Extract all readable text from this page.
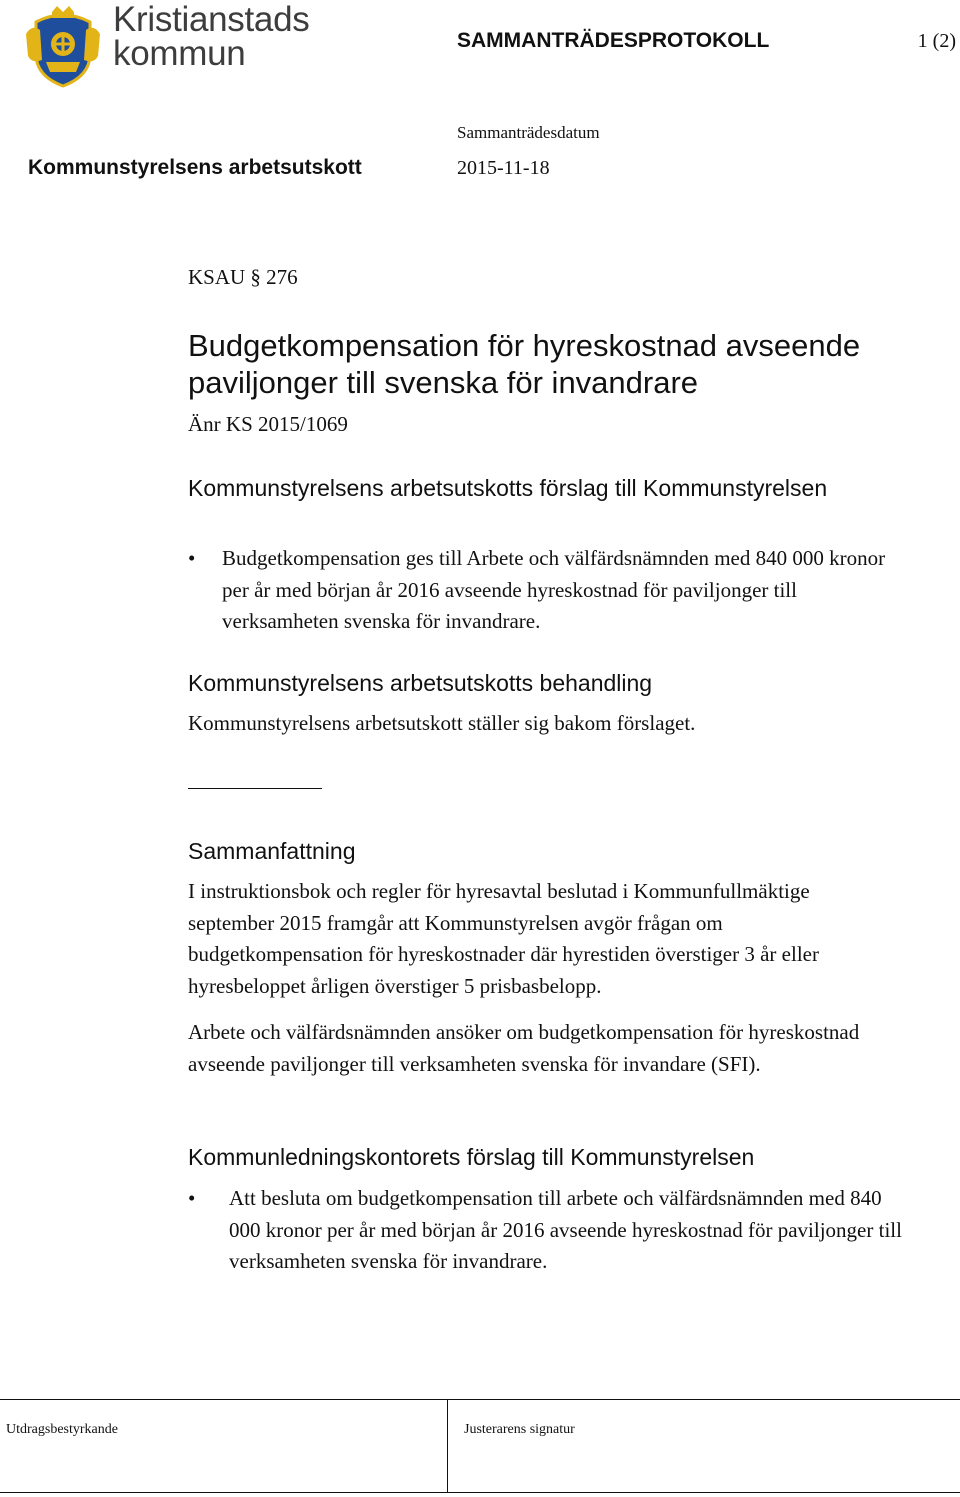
Kristianstads
kommun	SAMMANTRÄDESPROTOKOLL	1 (2)
Sammanträdesdatum
Kommunstyrelsens arbetsutskott	2015-11-18
KSAU § 276
Budgetkompensation för hyreskostnad avseende paviljonger till svenska för invandrare
Änr KS 2015/1069
Kommunstyrelsens arbetsutskotts förslag till Kommunstyrelsen
•	Budgetkompensation ges till Arbete och välfärdsnämnden med 840 000 kronor per år med början år 2016 avseende hyreskostnad för paviljonger till verksamheten svenska för invandrare.
Kommunstyrelsens arbetsutskotts behandling
Kommunstyrelsens arbetsutskott ställer sig bakom förslaget.
Sammanfattning
I instruktionsbok och regler för hyresavtal beslutad i Kommunfullmäktige september 2015 framgår att Kommunstyrelsen avgör frågan om budgetkompensation för hyreskostnader där hyrestiden överstiger 3 år eller hyresbeloppet årligen överstiger 5 prisbasbelopp.
Arbete och välfärdsnämnden ansöker om budgetkompensation för hyreskostnad avseende paviljonger till verksamheten svenska för invandare (SFI).
Kommunledningskontorets förslag till Kommunstyrelsen
•	Att besluta om budgetkompensation till arbete och välfärdsnämnden med 840 000 kronor per år med början år 2016 avseende hyreskostnad för paviljonger till verksamheten svenska för invandrare.
Utdragsbestyrkande	Justerarens signatur
